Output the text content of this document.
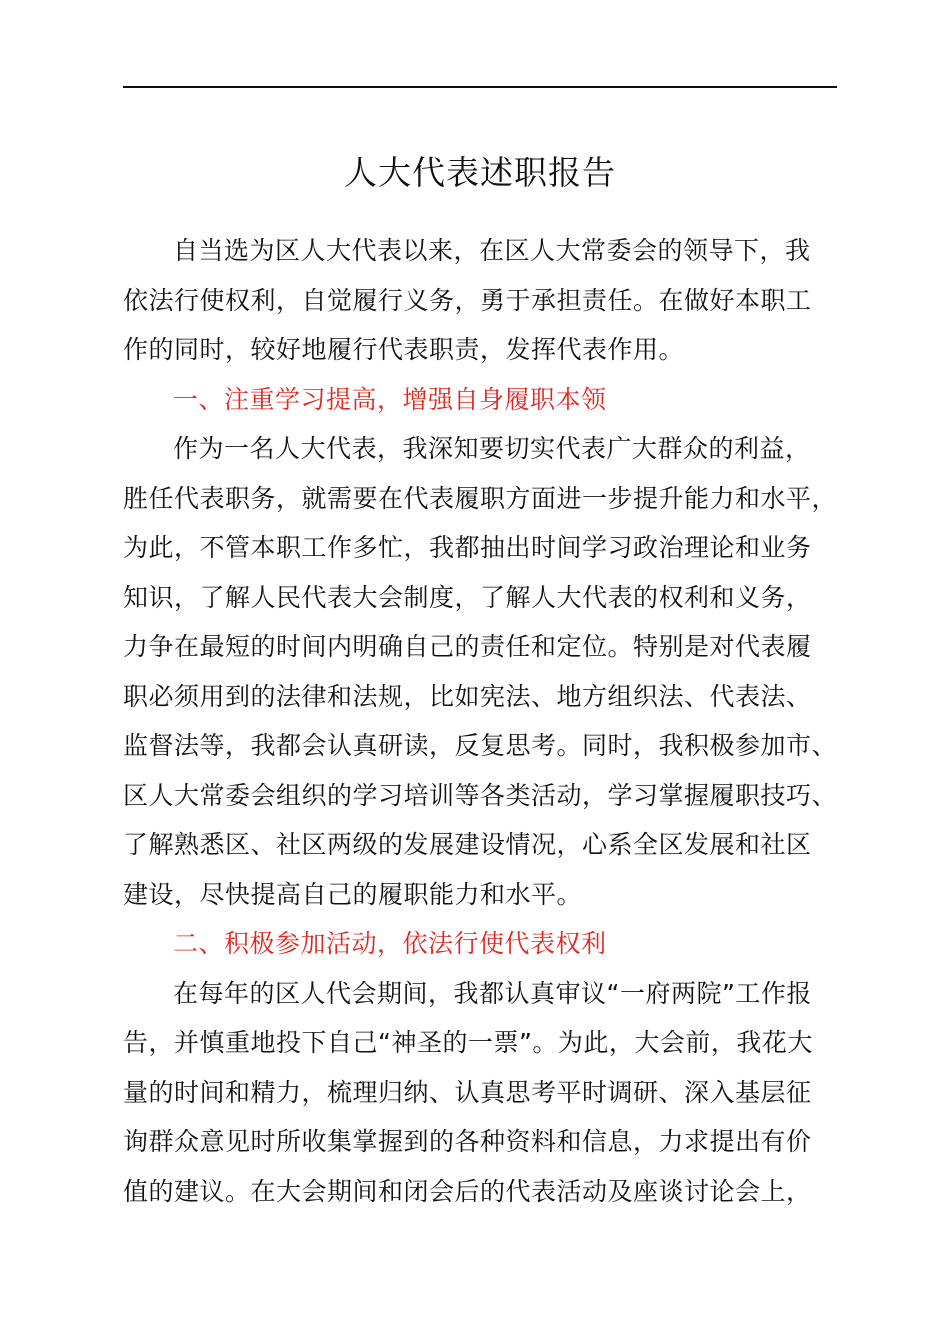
人大代表述职报告

自当选为区人大代表以来，在区人大常委会的领导下，我
依法行使权利，自觉履行义务，勇于承担责任。在做好本职工
作的同时，较好地履行代表职责，发挥代表作用。

一、注重学习提高，增强自身履职本领

作为一名人大代表，我深知要切实代表广大群众的利益，
胜任代表职务，就需要在代表履职方面进一步提升能力和水平，
为此，不管本职工作多忙，我都抽出时间学习政治理论和业务
知识，了解人民代表大会制度，了解人大代表的权利和义务，
力争在最短的时间内明确自己的责任和定位。特别是对代表履
职必须用到的法律和法规，比如宪法、地方组织法、代表法、
监督法等，我都会认真研读，反复思考。同时，我积极参加市、
区人大常委会组织的学习培训等各类活动，学习掌握履职技巧、
了解熟悉区、社区两级的发展建设情况，心系全区发展和社区
建设，尽快提高自己的履职能力和水平。

二、积极参加活动，依法行使代表权利

在每年的区人代会期间，我都认真审议“一府两院”工作报
告，并慎重地投下自己“神圣的一票”。为此，大会前，我花大
量的时间和精力，梳理归纳、认真思考平时调研、深入基层征
询群众意见时所收集掌握到的各种资料和信息，力求提出有价
值的建议。在大会期间和闭会后的代表活动及座谈讨论会上，
